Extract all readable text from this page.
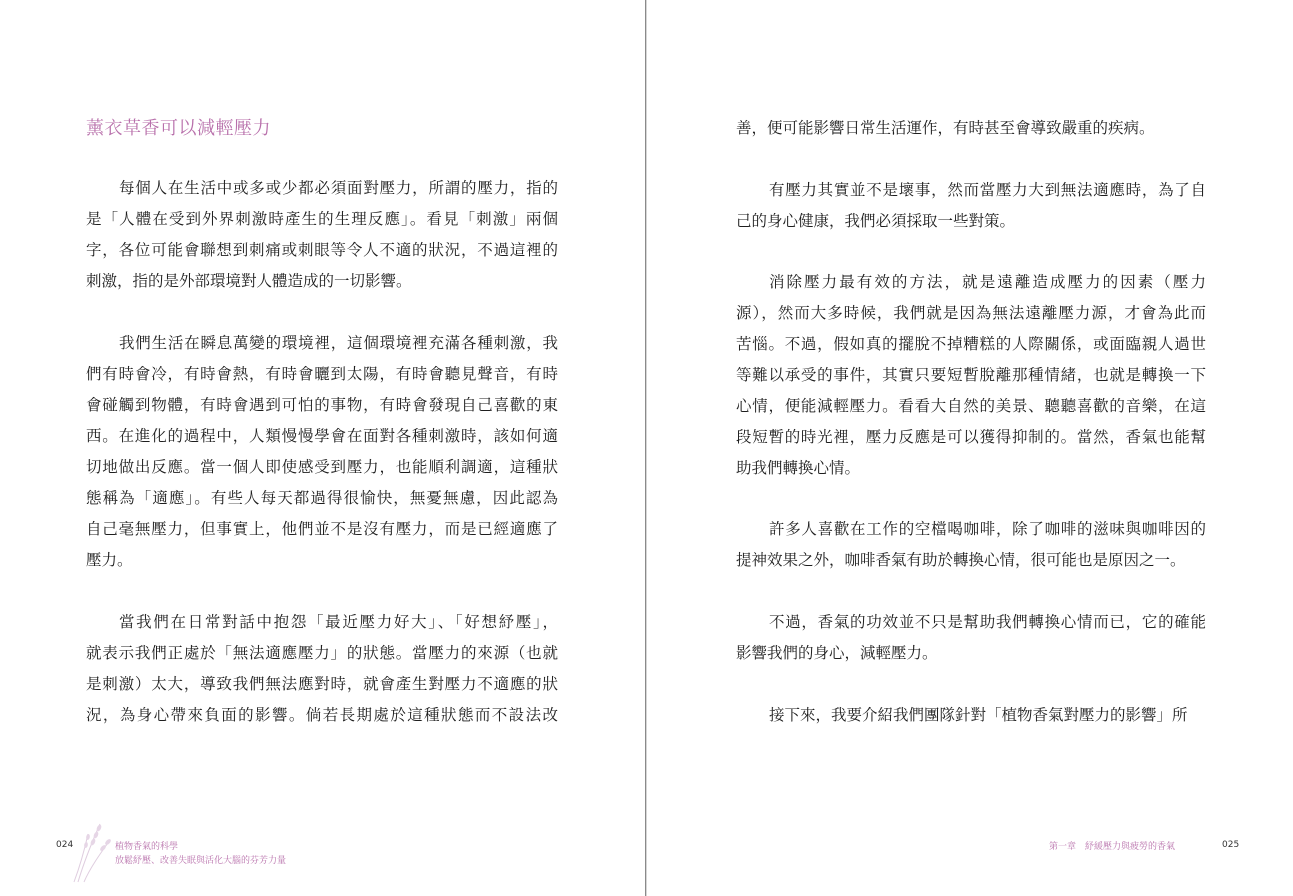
薰衣草香可以減輕壓力
每個人在生活中或多或少都必須面對壓力，所謂的壓力，指的
是「人體在受到外界刺激時產生的生理反應」。看見「刺激」兩個
字，各位可能會聯想到刺痛或刺眼等令人不適的狀況，不過這裡的
刺激，指的是外部環境對人體造成的一切影響。
我們生活在瞬息萬變的環境裡，這個環境裡充滿各種刺激，我
們有時會冷，有時會熱，有時會曬到太陽，有時會聽見聲音，有時
會碰觸到物體，有時會遇到可怕的事物，有時會發現自己喜歡的東
西。在進化的過程中，人類慢慢學會在面對各種刺激時，該如何適
切地做出反應。當一個人即使感受到壓力，也能順利調適，這種狀
態稱為「適應」。有些人每天都過得很愉快，無憂無慮，因此認為
自己毫無壓力，但事實上，他們並不是沒有壓力，而是已經適應了
壓力。
當我們在日常對話中抱怨「最近壓力好大」、「好想紓壓」，
就表示我們正處於「無法適應壓力」的狀態。當壓力的來源（也就
是刺激）太大，導致我們無法應對時，就會產生對壓力不適應的狀
況，為身心帶來負面的影響。倘若長期處於這種狀態而不設法改
善，便可能影響日常生活運作，有時甚至會導致嚴重的疾病。
有壓力其實並不是壞事，然而當壓力大到無法適應時，為了自
己的身心健康，我們必須採取一些對策。
消除壓力最有效的方法，就是遠離造成壓力的因素（壓力
源），然而大多時候，我們就是因為無法遠離壓力源，才會為此而
苦惱。不過，假如真的擺脫不掉糟糕的人際關係，或面臨親人過世
等難以承受的事件，其實只要短暫脫離那種情緒，也就是轉換一下
心情，便能減輕壓力。看看大自然的美景、聽聽喜歡的音樂，在這
段短暫的時光裡，壓力反應是可以獲得抑制的。當然，香氣也能幫
助我們轉換心情。
許多人喜歡在工作的空檔喝咖啡，除了咖啡的滋味與咖啡因的
提神效果之外，咖啡香氣有助於轉換心情，很可能也是原因之一。
不過，香氣的功效並不只是幫助我們轉換心情而已，它的確能
影響我們的身心，減輕壓力。
接下來，我要介紹我們團隊針對「植物香氣對壓力的影響」所
024	植物香氣的科學
放鬆紓壓、改善失眠與活化大腦的芬芳力量
第一章　紓緩壓力與疲勞的香氣	025
